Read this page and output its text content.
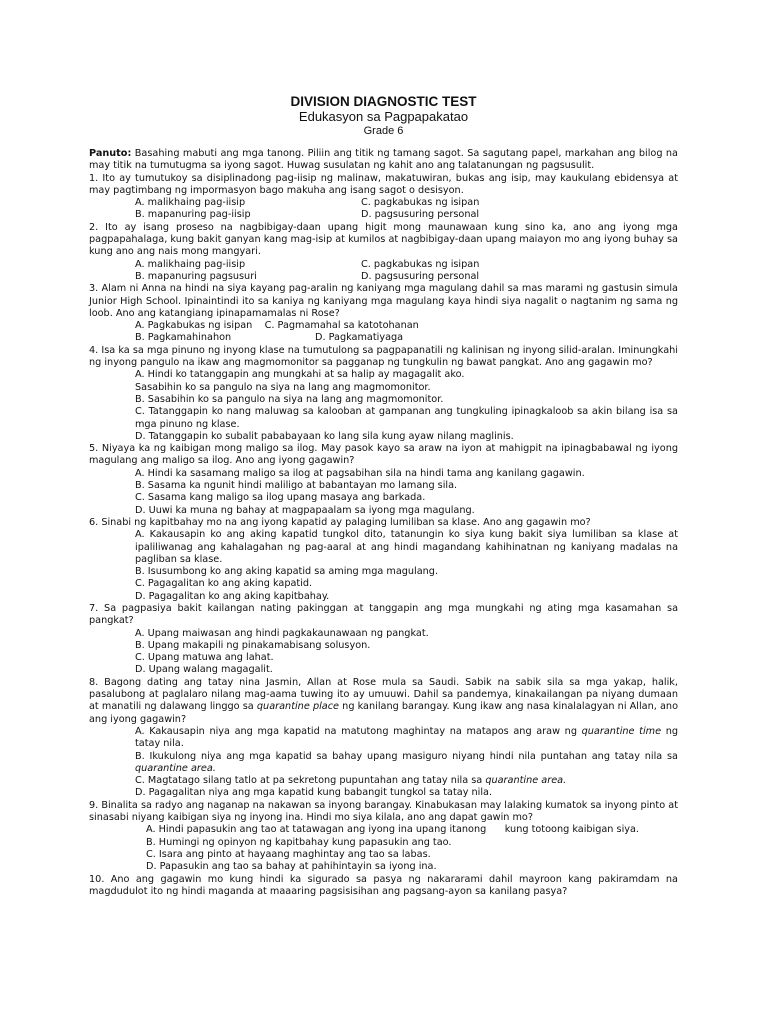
DIVISION DIAGNOSTIC TEST
Edukasyon sa Pagpapakatao
Grade 6

Panuto: Basahing mabuti ang mga tanong. Piliin ang titik ng tamang sagot. Sa sagutang papel, markahan ang bilog na may titik na tumutugma sa iyong sagot. Huwag susulatan ng kahit ano ang talatanungan ng pagsusulit.

1. Ito ay tumutukoy sa disiplinadong pag-iisip ng malinaw, makatuwiran, bukas ang isip, may kaukulang ebidensya at may pagtimbang ng impormasyon bago makuha ang isang sagot o desisyon.

A. malikhaing pag-iisip	C. pagkabukas ng isipan
B. mapanuring pag-iisip	D. pagsusuring personal

2. Ito ay isang proseso na nagbibigay-daan upang higit mong maunawaan kung sino ka, ano ang iyong mga pagpapahalaga, kung bakit ganyan kang mag-isip at kumilos at nagbibigay-daan upang maiayon mo ang iyong buhay sa kung ano ang nais mong mangyari.

A. malikhaing pag-iisip	C. pagkabukas ng isipan
B. mapanuring pagsusuri	D. pagsusuring personal

3. Alam ni Anna na hindi na siya kayang pag-aralin ng kaniyang mga magulang dahil sa mas marami ng gastusin simula Junior High School. Ipinaintindi ito sa kaniya ng kaniyang mga magulang kaya hindi siya nagalit o nagtanim ng sama ng loob. Ano ang katangiang ipinapamamalas ni Rose?

A. Pagkabukas ng isipan    C. Pagmamahal sa katotohanan
B. Pagkamahinahon	D. Pagkamatiyaga

4. Isa ka sa mga pinuno ng inyong klase na tumutulong sa pagpapanatili ng kalinisan ng inyong silid-aralan. Iminungkahi ng inyong pangulo na ikaw ang magmomonitor sa pagganap ng tungkulin ng bawat pangkat. Ano ang gagawin mo?

A. Hindi ko tatanggapin ang mungkahi at sa halip ay magagalit ako.
Sasabihin ko sa pangulo na siya na lang ang magmomonitor.
B. Sasabihin ko sa pangulo na siya na lang ang magmomonitor.
C. Tatanggapin ko nang maluwag sa kalooban at gampanan ang tungkuling ipinagkaloob sa akin bilang isa sa mga pinuno ng klase.
D. Tatanggapin ko subalit pababayaan ko lang sila kung ayaw nilang maglinis.

5. Niyaya ka ng kaibigan mong maligo sa ilog. May pasok kayo sa araw na iyon at mahigpit na ipinagbabawal ng iyong magulang ang maligo sa ilog. Ano ang iyong gagawin?

A. Hindi ka sasamang maligo sa ilog at pagsabihan sila na hindi tama ang kanilang gagawin.
B. Sasama ka ngunit hindi maliligo at babantayan mo lamang sila.
C. Sasama kang maligo sa ilog upang masaya ang barkada.
D. Uuwi ka muna ng bahay at magpapaalam sa iyong mga magulang.

6. Sinabi ng kapitbahay mo na ang iyong kapatid ay palaging lumiliban sa klase. Ano ang gagawin mo?

A. Kakausapin ko ang aking kapatid tungkol dito, tatanungin ko siya kung bakit siya lumiliban sa klase at ipaliliwanag ang kahalagahan ng pag-aaral at ang hindi magandang kahihinatnan ng kaniyang madalas na pagliban sa klase.
B. Isusumbong ko ang aking kapatid sa aming mga magulang.
C. Pagagalitan ko ang aking kapatid.
D. Pagagalitan ko ang aking kapitbahay.

7. Sa pagpasiya bakit kailangan nating pakinggan at tanggapin ang mga mungkahi ng ating mga kasamahan sa pangkat?

A. Upang maiwasan ang hindi pagkakaunawaan ng pangkat.
B. Upang makapili ng pinakamabisang solusyon.
C. Upang matuwa ang lahat.
D. Upang walang magagalit.

8. Bagong dating ang tatay nina Jasmin, Allan at Rose mula sa Saudi. Sabik na sabik sila sa mga yakap, halik, pasalubong at paglalaro nilang mag-aama tuwing ito ay umuuwi. Dahil sa pandemya, kinakailangan pa niyang dumaan at manatili ng dalawang linggo sa quarantine place ng kanilang barangay. Kung ikaw ang nasa kinalalagyan ni Allan, ano ang iyong gagawin?

A. Kakausapin niya ang mga kapatid na matutong maghintay na matapos ang araw ng quarantine time ng tatay nila.
B. Ikukulong niya ang mga kapatid sa bahay upang masiguro niyang hindi nila puntahan ang tatay nila sa quarantine area.
C. Magtatago silang tatlo at pa sekretong pupuntahan ang tatay nila sa quarantine area.
D. Pagagalitan niya ang mga kapatid kung babangit tungkol sa tatay nila.

9. Binalita sa radyo ang naganap na nakawan sa inyong barangay. Kinabukasan may lalaking kumatok sa inyong pinto at sinasabi niyang kaibigan siya ng inyong ina. Hindi mo siya kilala, ano ang dapat gawin mo?

A. Hindi papasukin ang tao at tatawagan ang iyong ina upang itanong      kung totoong kaibigan siya.
B. Humingi ng opinyon ng kapitbahay kung papasukin ang tao.
C. Isara ang pinto at hayaang maghintay ang tao sa labas.
D. Papasukin ang tao sa bahay at pahihintayin sa iyong ina.

10. Ano ang gagawin mo kung hindi ka sigurado sa pasya ng nakararami dahil mayroon kang pakiramdam na magdudulot ito ng hindi maganda at maaaring pagsisisihan ang pagsang-ayon sa kanilang pasya?
